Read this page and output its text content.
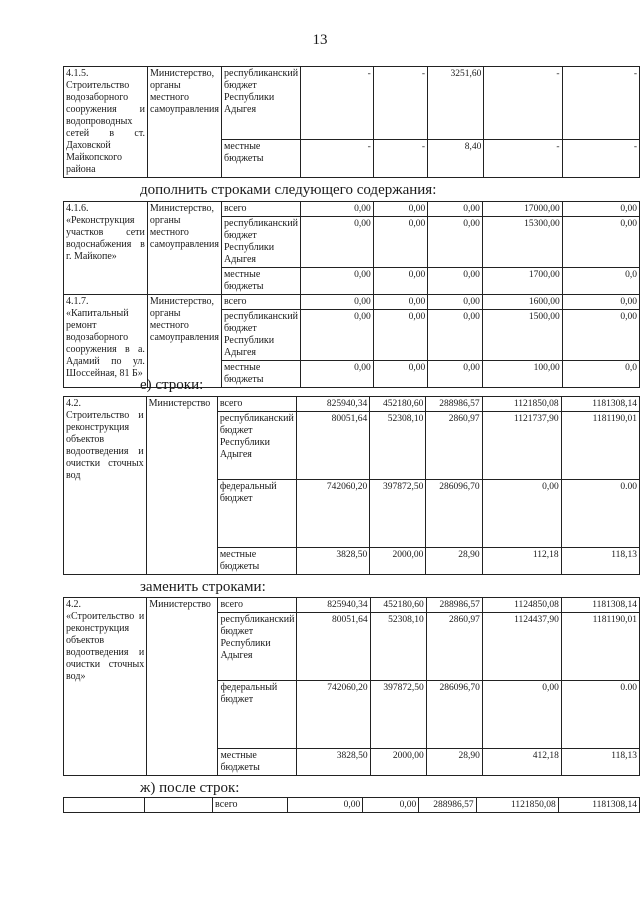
13
4.1.5. Строительство водозаборного сооружения и водопроводных сетей в ст. Даховской Майкопского района	Министерство, органы местного самоуправления	республиканский бюджет Республики Адыгея	-	-	3251,60	-	-
		местные бюджеты	-	-	8,40	-	-
дополнить строками следующего содержания:
4.1.6. «Реконструкция участков сети водоснабжения в г. Майкопе»	Министерство, органы местного самоуправления	всего	0,00	0,00	0,00	17000,00	0,00
		республиканский бюджет Республики Адыгея	0,00	0,00	0,00	15300,00	0,00
		местные бюджеты	0,00	0,00	0,00	1700,00	0,0
4.1.7. «Капитальный ремонт водозаборного сооружения в а. Адамий по ул. Шоссейная, 81 Б»	Министерство, органы местного самоуправления	всего	0,00	0,00	0,00	1600,00	0,00
		республиканский бюджет Республики Адыгея	0,00	0,00	0,00	1500,00	0,00
		местные бюджеты	0,00	0,00	0,00	100,00	0,0
е) строки:
4.2. Строительство и реконструкция объектов водоотведения и очистки сточных вод	Министерство	всего	825940,34	452180,60	288986,57	1121850,08	1181308,14
		республиканский бюджет Республики Адыгея	80051,64	52308,10	2860,97	1121737,90	1181190,01
		федеральный бюджет	742060,20	397872,50	286096,70	0,00	0.00
		местные бюджеты	3828,50	2000,00	28,90	112,18	118,13
заменить строками:
4.2. «Строительство и реконструкция объектов водоотведения и очистки сточных вод»	Министерство	всего	825940,34	452180,60	288986,57	1124850,08	1181308,14
		республиканский бюджет Республики Адыгея	80051,64	52308,10	2860,97	1124437,90	1181190,01
		федеральный бюджет	742060,20	397872,50	286096,70	0,00	0.00
		местные бюджеты	3828,50	2000,00	28,90	412,18	118,13
ж) после строк:
		всего	0,00	0,00	288986,57	1121850,08	1181308,14
